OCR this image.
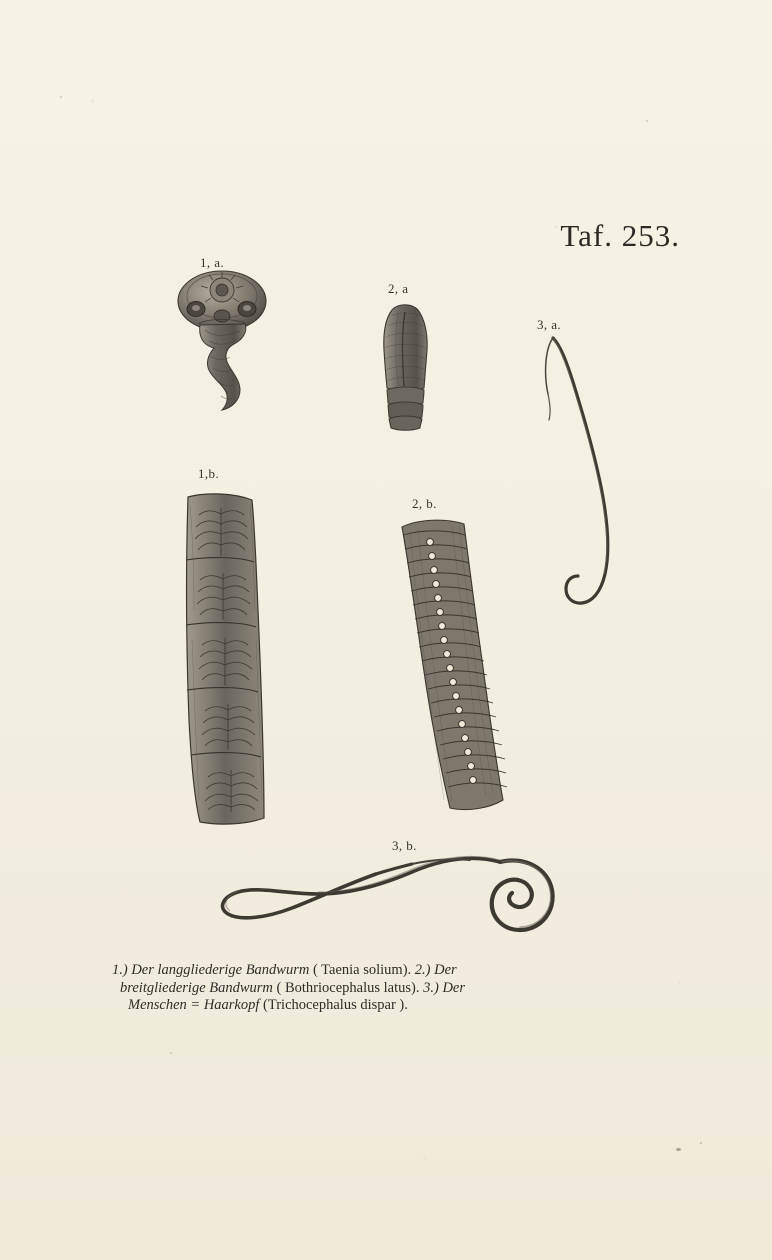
Taf. 253.
1, a.
2, a
3, a.
1,b.
2, b.
3, b.
1.) Der langgliederige Bandwurm ( Taenia solium). 2.) Der
breitgliederige Bandwurm ( Bothriocephalus latus). 3.) Der
Menschen = Haarkopf (Trichocephalus dispar ).
